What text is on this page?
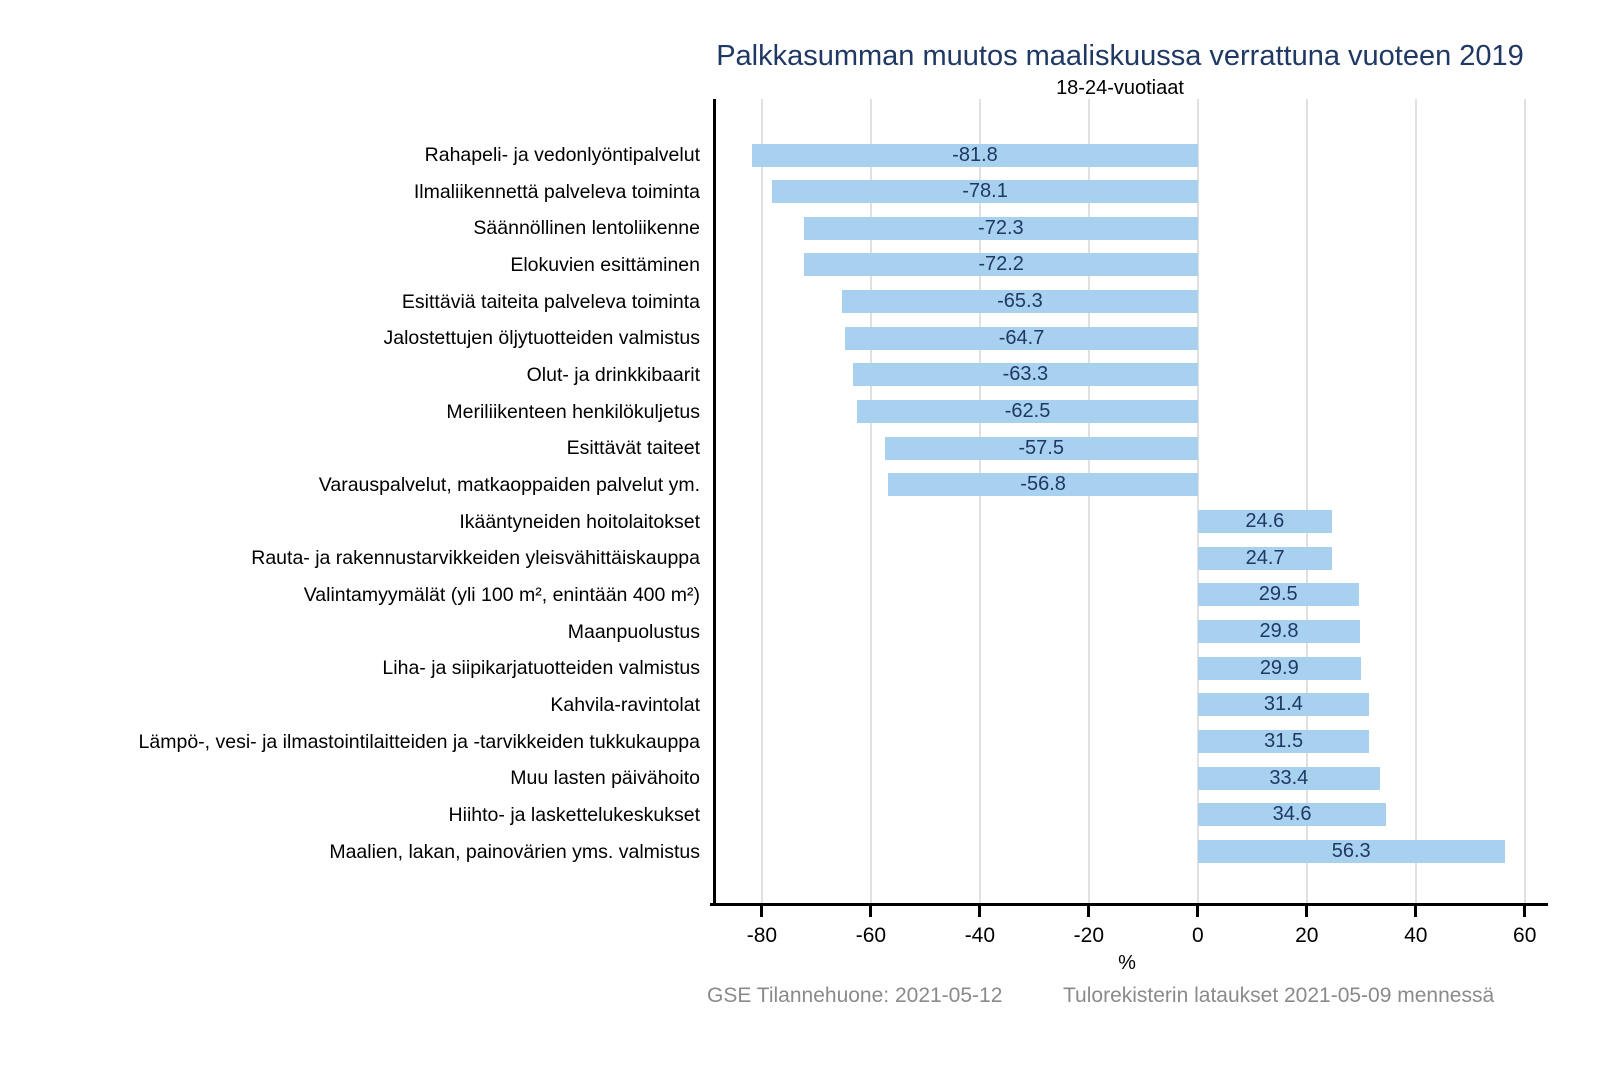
Palkkasumman muutos maaliskuussa verrattuna vuoteen 2019
18-24-vuotiaat
Rahapeli- ja vedonlyöntipalvelut
Ilmaliikennettä palveleva toiminta
Säännöllinen lentoliikenne
Elokuvien esittäminen
Esittäviä taiteita palveleva toiminta
Jalostettujen öljytuotteiden valmistus
Olut- ja drinkkibaarit
Meriliikenteen henkilökuljetus
Esittävät taiteet
Varauspalvelut, matkaoppaiden palvelut ym.
Ikääntyneiden hoitolaitokset
Rauta- ja rakennustarvikkeiden yleisvähittäiskauppa
Valintamyymälät (yli 100 m², enintään 400 m²)
Maanpuolustus
Liha- ja siipikarjatuotteiden valmistus
Kahvila-ravintolat
Lämpö-, vesi- ja ilmastointilaitteiden ja -tarvikkeiden tukkukauppa
Muu lasten päivähoito
Hiihto- ja laskettelukeskukset
Maalien, lakan, painovärien yms. valmistus
-81.8
-78.1
-72.3
-72.2
-65.3
-64.7
-63.3
-62.5
-57.5
-56.8
24.6
24.7
29.5
29.8
29.9
31.4
31.5
33.4
34.6
56.3
-80	-60	-40	-20	0	20	40	60
%
GSE Tilannehuone: 2021-05-12	Tulorekisterin lataukset 2021-05-09 mennessä
